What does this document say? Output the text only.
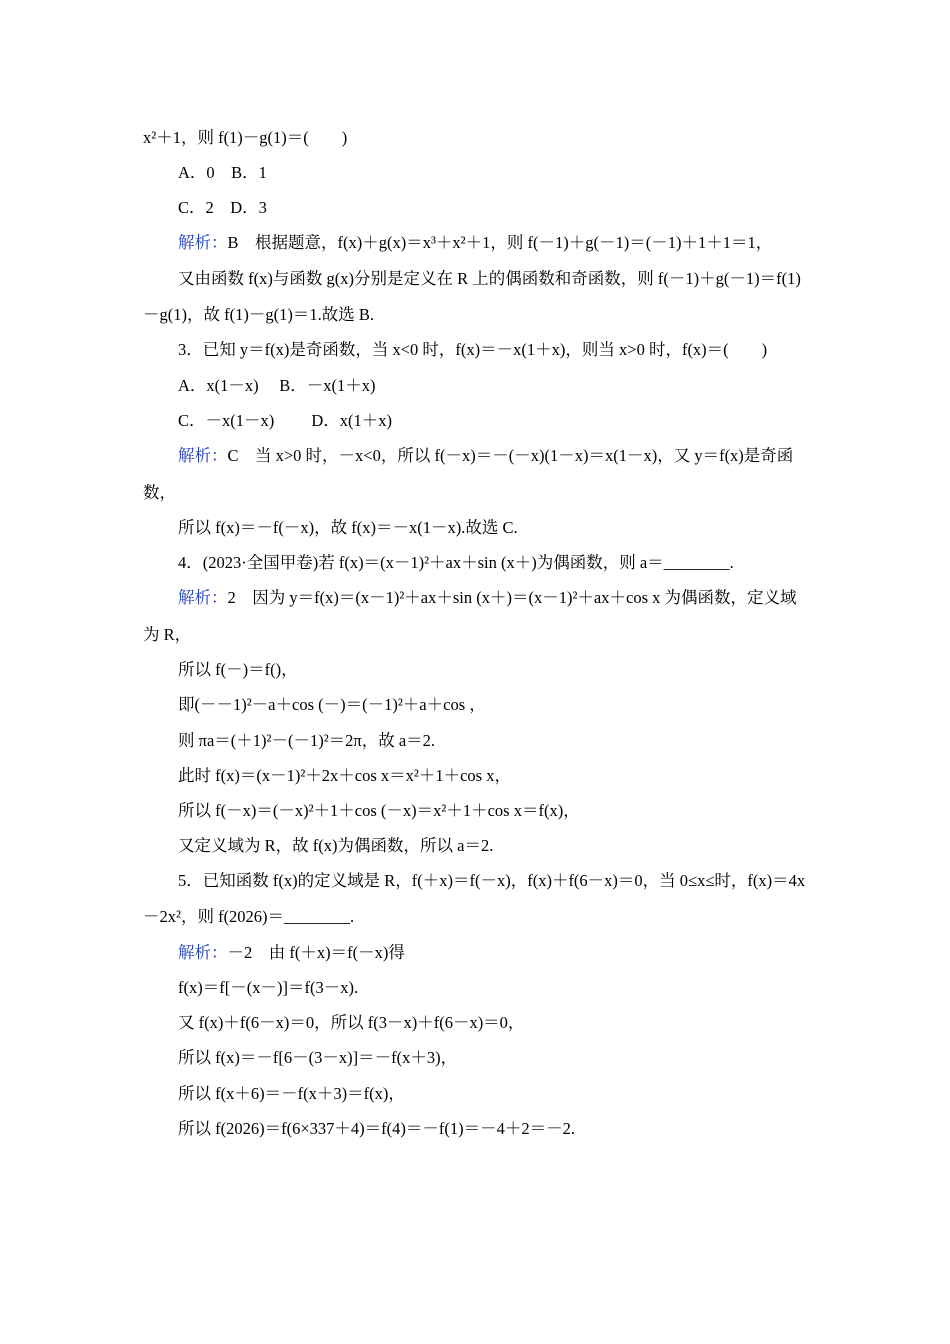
x²＋1，则 f(1)－g(1)＝(　　)
A．0　B．1
C．2　D．3
解析：B　根据题意，f(x)＋g(x)＝x³＋x²＋1，则 f(－1)＋g(－1)＝(－1)＋1＋1＝1，
又由函数 f(x)与函数 g(x)分别是定义在 R 上的偶函数和奇函数，则 f(－1)＋g(－1)＝f(1)
－g(1)，故 f(1)－g(1)＝1.故选 B.
3．已知 y＝f(x)是奇函数，当 x<0 时，f(x)＝－x(1＋x)，则当 x>0 时，f(x)＝(　　)
A．x(1－x)　 B．－x(1＋x)
C．－x(1－x)　　 D．x(1＋x)
解析：C　当 x>0 时，－x<0，所以 f(－x)＝－(－x)(1－x)＝x(1－x)，又 y＝f(x)是奇函
数，
所以 f(x)＝－f(－x)，故 f(x)＝－x(1－x).故选 C.
4．(2023·全国甲卷)若 f(x)＝(x－1)²＋ax＋sin (x＋)为偶函数，则 a＝________.
解析：2　因为 y＝f(x)＝(x－1)²＋ax＋sin (x＋)＝(x－1)²＋ax＋cos x 为偶函数，定义域
为 R，
所以 f(－)＝f()，
即(－－1)²－a＋cos (－)＝(－1)²＋a＋cos ，
则 πa＝(＋1)²－(－1)²＝2π，故 a＝2.
此时 f(x)＝(x－1)²＋2x＋cos x＝x²＋1＋cos x，
所以 f(－x)＝(－x)²＋1＋cos (－x)＝x²＋1＋cos x＝f(x)，
又定义域为 R，故 f(x)为偶函数，所以 a＝2.
5．已知函数 f(x)的定义域是 R，f(＋x)＝f(－x)，f(x)＋f(6－x)＝0，当 0≤x≤时，f(x)＝4x
－2x²，则 f(2026)＝________.
解析：－2　由 f(＋x)＝f(－x)得
f(x)＝f[－(x－)]＝f(3－x).
又 f(x)＋f(6－x)＝0，所以 f(3－x)＋f(6－x)＝0，
所以 f(x)＝－f[6－(3－x)]＝－f(x＋3)，
所以 f(x＋6)＝－f(x＋3)＝f(x)，
所以 f(2026)＝f(6×337＋4)＝f(4)＝－f(1)＝－4＋2＝－2.
